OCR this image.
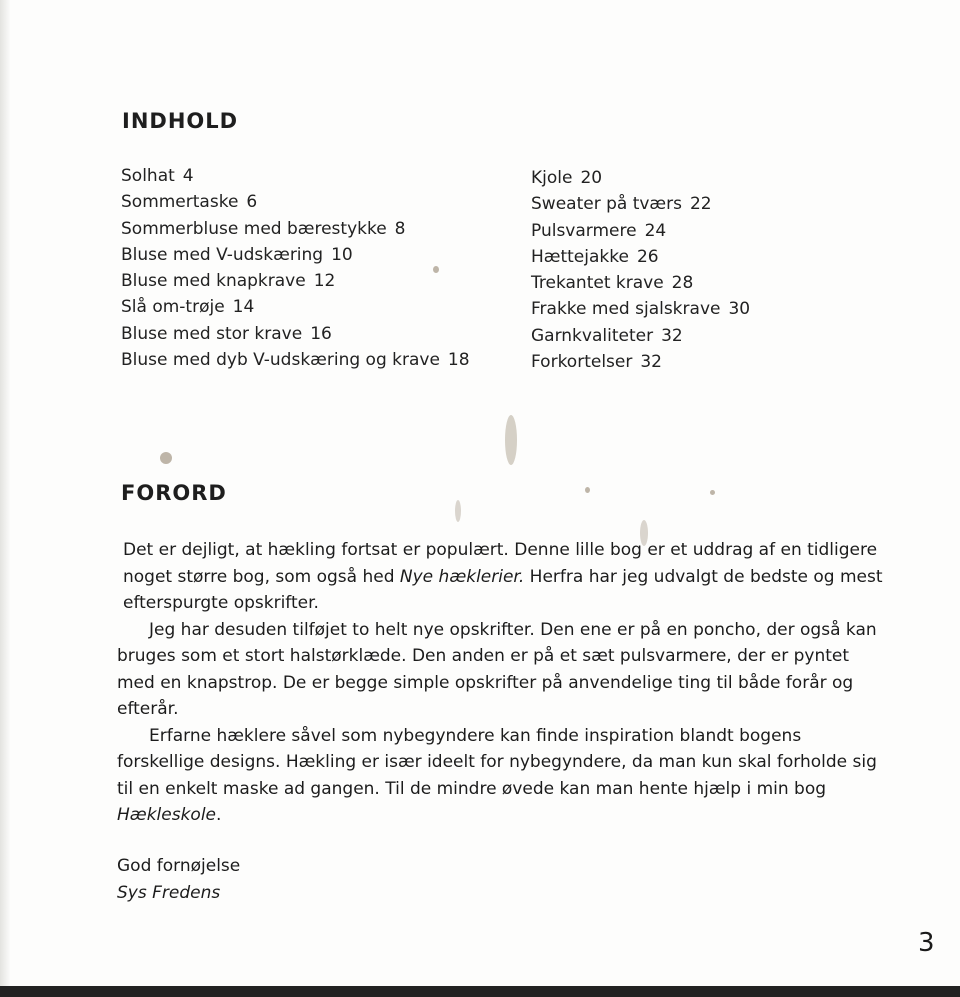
INDHOLD
Solhat 4
Sommertaske 6
Sommerbluse med bærestykke 8
Bluse med V-udskæring 10
Bluse med knapkrave 12
Slå om-trøje 14
Bluse med stor krave 16
Bluse med dyb V-udskæring og krave 18
Kjole 20
Sweater på tværs 22
Pulsvarmere 24
Hættejakke 26
Trekantet krave 28
Frakke med sjalskrave 30
Garnkvaliteter 32
Forkortelser 32
FORORD

Det er dejligt, at hækling fortsat er populært. Denne lille bog er et uddrag af en tidligere noget større bog, som også hed Nye hæklerier. Herfra har jeg udvalgt de bedste og mest efterspurgte opskrifter.

Jeg har desuden tilføjet to helt nye opskrifter. Den ene er på en poncho, der også kan bruges som et stort halstørklæde. Den anden er på et sæt pulsvarmere, der er pyntet med en knapstrop. De er begge simple opskrifter på anvendelige ting til både forår og efterår.

Erfarne hæklere såvel som nybegyndere kan finde inspiration blandt bogens forskellige designs. Hækling er især ideelt for nybegyndere, da man kun skal forholde sig til en enkelt maske ad gangen. Til de mindre øvede kan man hente hjælp i min bog Hækleskole.

God fornøjelse
Sys Fredens
3
